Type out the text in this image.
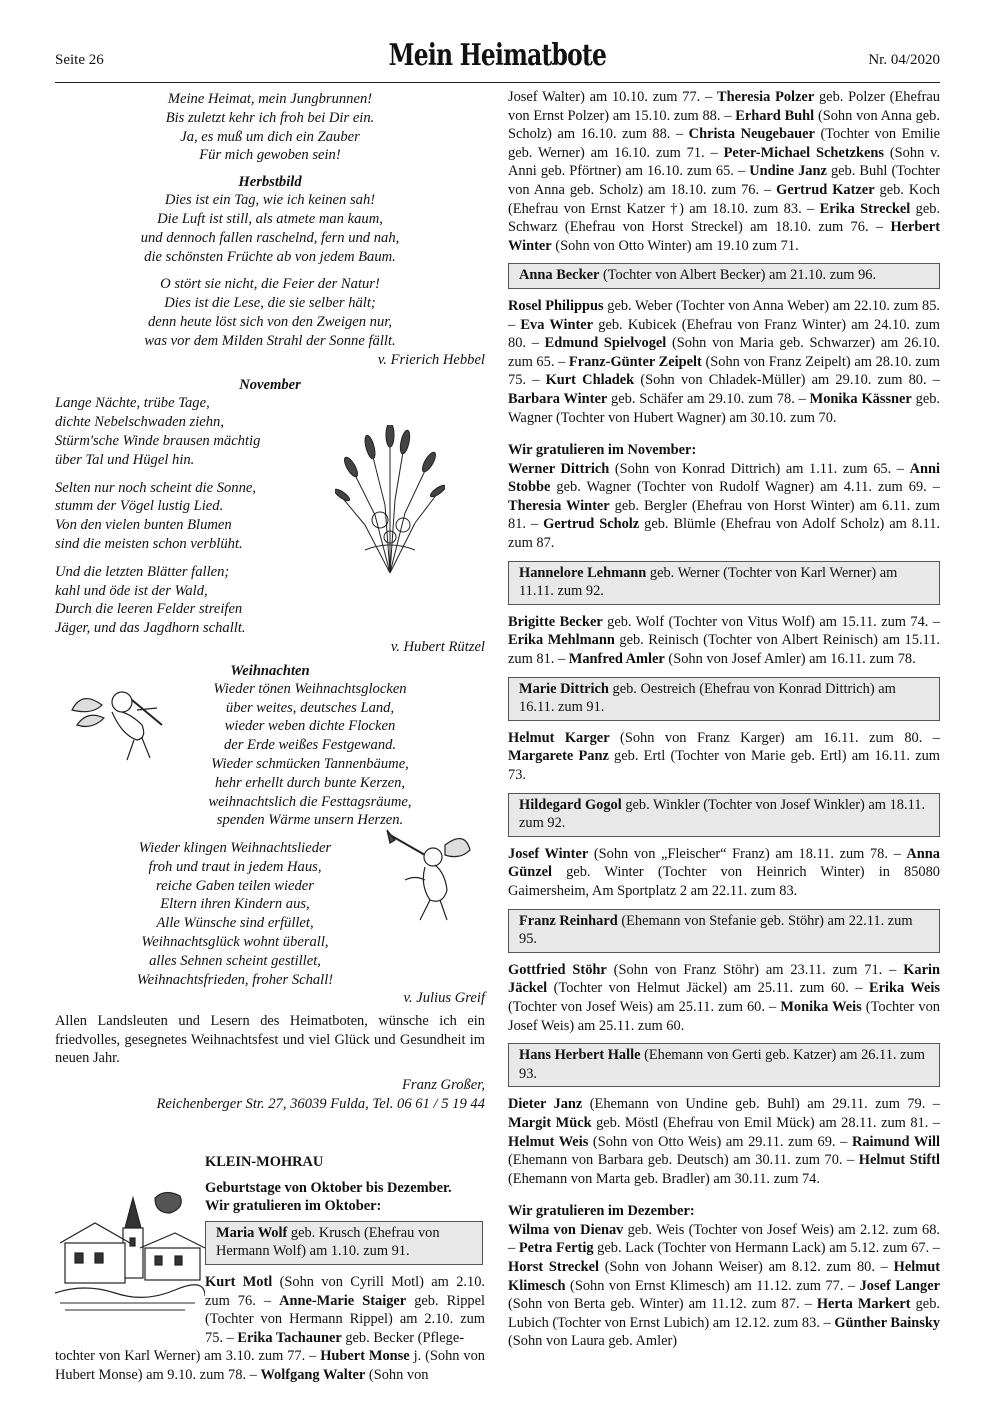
Seite 26	Mein Heimatbote	Nr. 04/2020
Meine Heimat, mein Jungbrunnen!
Bis zuletzt kehr ich froh bei Dir ein.
Ja, es muß um dich ein Zauber
Für mich gewoben sein!
Herbstbild
Dies ist ein Tag, wie ich keinen sah!
Die Luft ist still, als atmete man kaum,
und dennoch fallen raschelnd, fern und nah,
die schönsten Früchte ab von jedem Baum.
O stört sie nicht, die Feier der Natur!
Dies ist die Lese, die sie selber hält;
denn heute löst sich von den Zweigen nur,
was vor dem Milden Strahl der Sonne fällt.
v. Frierich Hebbel
November
Lange Nächte, trübe Tage,
dichte Nebelschwaden ziehn,
Stürm'sche Winde brausen mächtig
über Tal und Hügel hin.
Selten nur noch scheint die Sonne,
stumm der Vögel lustig Lied.
Von den vielen bunten Blumen
sind die meisten schon verblüht.
Und die letzten Blätter fallen;
kahl und öde ist der Wald,
Durch die leeren Felder streifen
Jäger, und das Jagdhorn schallt.
v. Hubert Rützel
Weihnachten
Wieder tönen Weihnachtsglocken
über weites, deutsches Land,
wieder weben dichte Flocken
der Erde weißes Festgewand.
Wieder schmücken Tannenbäume,
hehr erhellt durch bunte Kerzen,
weihnachtslich die Festtagsräume,
spenden Wärme unsern Herzen.
Wieder klingen Weihnachtslieder
froh und traut in jedem Haus,
reiche Gaben teilen wieder
Eltern ihren Kindern aus,
Alle Wünsche sind erfüllet,
Weihnachtsglück wohnt überall,
alles Sehnen scheint gestillet,
Weihnachtsfrieden, froher Schall!
v. Julius Greif
Allen Landsleuten und Lesern des Heimatboten, wünsche ich ein friedvolles, gesegnetes Weihnachtsfest und viel Glück und Gesundheit im neuen Jahr.
Franz Großer,
Reichenberger Str. 27, 36039 Fulda, Tel. 06 61 / 5 19 44
KLEIN-MOHRAU
Geburtstage von Oktober bis Dezember.
Wir gratulieren im Oktober:
Maria Wolf geb. Krusch (Ehefrau von Hermann Wolf) am 1.10. zum 91.
Kurt Motl (Sohn von Cyrill Motl) am 2.10. zum 76. – Anne-Marie Staiger geb. Rippel (Tochter von Hermann Rippel) am 2.10. zum 75. – Erika Tachauner geb. Becker (Pflege-
tochter von Karl Werner) am 3.10. zum 77. – Hubert Monse j. (Sohn von Hubert Monse) am 9.10. zum 78. – Wolfgang Walter (Sohn von
Josef Walter) am 10.10. zum 77. – Theresia Polzer geb. Polzer (Ehefrau von Ernst Polzer) am 15.10. zum 88. – Erhard Buhl (Sohn von Anna geb. Scholz) am 16.10. zum 88. – Christa Neugebauer (Tochter von Emilie geb. Werner) am 16.10. zum 71. – Peter-Michael Schetzkens (Sohn v. Anni geb. Pförtner) am 16.10. zum 65. – Undine Janz geb. Buhl (Tochter von Anna geb. Scholz) am 18.10. zum 76. – Gertrud Katzer geb. Koch (Ehefrau von Ernst Katzer †) am 18.10. zum 83. – Erika Streckel geb. Schwarz (Ehefrau von Horst Streckel) am 18.10. zum 76. – Herbert Winter (Sohn von Otto Winter) am 19.10 zum 71.
Anna Becker (Tochter von Albert Becker) am 21.10. zum 96.
Rosel Philippus geb. Weber (Tochter von Anna Weber) am 22.10. zum 85. – Eva Winter geb. Kubicek (Ehefrau von Franz Winter) am 24.10. zum 80. – Edmund Spielvogel (Sohn von Maria geb. Schwarzer) am 26.10. zum 65. – Franz-Günter Zeipelt (Sohn von Franz Zeipelt) am 28.10. zum 75. – Kurt Chladek (Sohn von Chladek-Müller) am 29.10. zum 80. – Barbara Winter geb. Schäfer am 29.10. zum 78. – Monika Kässner geb. Wagner (Tochter von Hubert Wagner) am 30.10. zum 70.
Wir gratulieren im November:
Werner Dittrich (Sohn von Konrad Dittrich) am 1.11. zum 65. – Anni Stobbe geb. Wagner (Tochter von Rudolf Wagner) am 4.11. zum 69. – Theresia Winter geb. Bergler (Ehefrau von Horst Winter) am 6.11. zum 81. – Gertrud Scholz geb. Blümle (Ehefrau von Adolf Scholz) am 8.11. zum 87.
Hannelore Lehmann geb. Werner (Tochter von Karl Werner) am 11.11. zum 92.
Brigitte Becker geb. Wolf (Tochter von Vitus Wolf) am 15.11. zum 74. – Erika Mehlmann geb. Reinisch (Tochter von Albert Reinisch) am 15.11. zum 81. – Manfred Amler (Sohn von Josef Amler) am 16.11. zum 78.
Marie Dittrich geb. Oestreich (Ehefrau von Konrad Dittrich) am 16.11. zum 91.
Helmut Karger (Sohn von Franz Karger) am 16.11. zum 80. – Margarete Panz geb. Ertl (Tochter von Marie geb. Ertl) am 16.11. zum 73.
Hildegard Gogol geb. Winkler (Tochter von Josef Winkler) am 18.11. zum 92.
Josef Winter (Sohn von „Fleischer“ Franz) am 18.11. zum 78. – Anna Günzel geb. Winter (Tochter von Heinrich Winter) in 85080 Gaimersheim, Am Sportplatz 2 am 22.11. zum 83.
Franz Reinhard (Ehemann von Stefanie geb. Stöhr) am 22.11. zum 95.
Gottfried Stöhr (Sohn von Franz Stöhr) am 23.11. zum 71. – Karin Jäckel (Tochter von Helmut Jäckel) am 25.11. zum 60. – Erika Weis (Tochter von Josef Weis) am 25.11. zum 60. – Monika Weis (Tochter von Josef Weis) am 25.11. zum 60.
Hans Herbert Halle (Ehemann von Gerti geb. Katzer) am 26.11. zum 93.
Dieter Janz (Ehemann von Undine geb. Buhl) am 29.11. zum 79. – Margit Mück geb. Möstl (Ehefrau von Emil Mück) am 28.11. zum 81. – Helmut Weis (Sohn von Otto Weis) am 29.11. zum 69. – Raimund Will (Ehemann von Barbara geb. Deutsch) am 30.11. zum 70. – Helmut Stiftl (Ehemann von Marta geb. Bradler) am 30.11. zum 74.
Wir gratulieren im Dezember:
Wilma von Dienav geb. Weis (Tochter von Josef Weis) am 2.12. zum 68. – Petra Fertig geb. Lack (Tochter von Hermann Lack) am 5.12. zum 67. – Horst Streckel (Sohn von Johann Weiser) am 8.12. zum 80. – Helmut Klimesch (Sohn von Ernst Klimesch) am 11.12. zum 77. – Josef Langer (Sohn von Berta geb. Winter) am 11.12. zum 87. – Herta Markert geb. Lubich (Tochter von Ernst Lubich) am 12.12. zum 83. – Günther Bainsky (Sohn von Laura geb. Amler)
